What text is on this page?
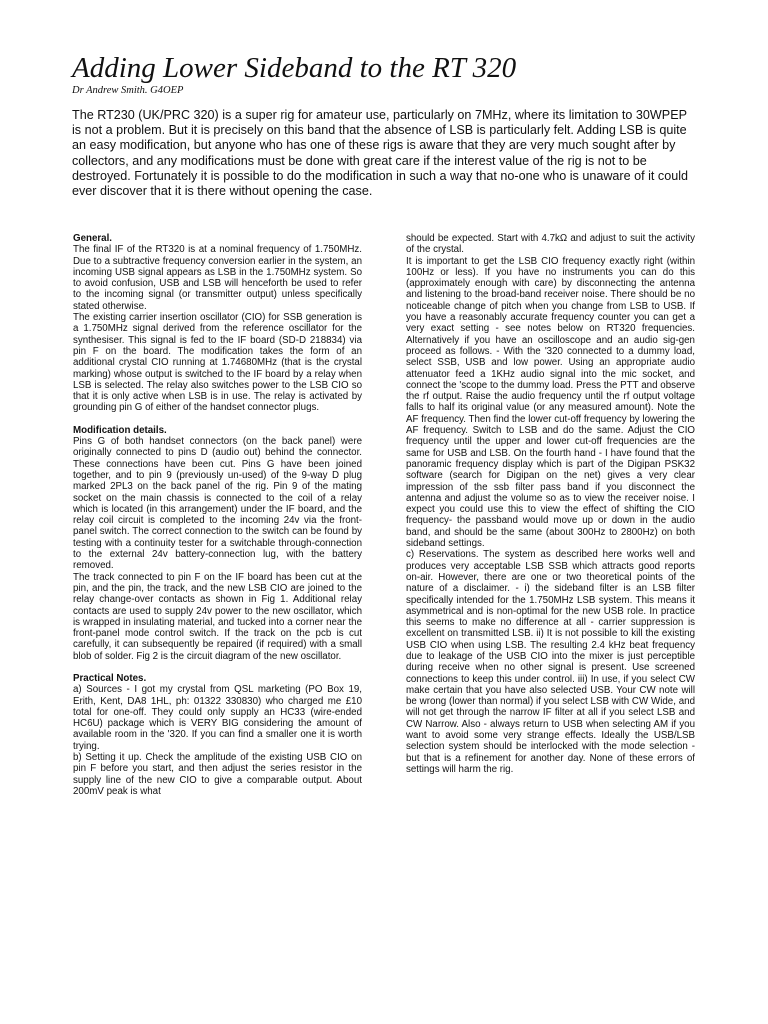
Adding Lower Sideband to the RT 320
Dr Andrew Smith. G4OEP

The RT230 (UK/PRC 320) is a super rig for amateur use, particularly on 7MHz, where its limitation to 30WPEP is not a problem. But it is precisely on this band that the absence of LSB is particularly felt. Adding LSB is quite an easy modification, but anyone who has one of these rigs is aware that they are very much sought after by collectors, and any modifications must be done with great care if the interest value of the rig is not to be destroyed. Fortunately it is possible to do the modification in such a way that no-one who is unaware of it could ever discover that it is there without opening the case.

General.

The final IF of the RT320 is at a nominal frequency of 1.750MHz. Due to a subtractive frequency conversion earlier in the system, an incoming USB signal appears as LSB in the 1.750MHz system. So to avoid confusion, USB and LSB will henceforth be used to refer to the incoming signal (or transmitter output) unless specifically stated otherwise.

The existing carrier insertion oscillator (CIO) for SSB generation is a 1.750MHz signal derived from the reference oscillator for the synthesiser. This signal is fed to the IF board (SD-D 218834) via pin F on the board. The modification takes the form of an additional crystal CIO running at 1.74680MHz (that is the crystal marking) whose output is switched to the IF board by a relay when LSB is selected. The relay also switches power to the LSB CIO so that it is only active when LSB is in use. The relay is activated by grounding pin G of either of the handset connector plugs.

Modification details.

Pins G of both handset connectors (on the back panel) were originally connected to pins D (audio out) behind the connector. These connections have been cut. Pins G have been joined together, and to pin 9 (previously un-used) of the 9-way D plug marked 2PL3 on the back panel of the rig. Pin 9 of the mating socket on the main chassis is connected to the coil of a relay which is located (in this arrangement) under the IF board, and the relay coil circuit is completed to the incoming 24v via the front-panel switch. The correct connection to the switch can be found by testing with a continuity tester for a switchable through-connection to the external 24v battery-connection lug, with the battery removed.

The track connected to pin F on the IF board has been cut at the pin, and the pin, the track, and the new LSB CIO are joined to the relay change-over contacts as shown in Fig 1. Additional relay contacts are used to supply 24v power to the new oscillator, which is wrapped in insulating material, and tucked into a corner near the front-panel mode control switch. If the track on the pcb is cut carefully, it can subsequently be repaired (if required) with a small blob of solder. Fig 2 is the circuit diagram of the new oscillator.

Practical Notes.

a) Sources - I got my crystal from QSL marketing (PO Box 19, Erith, Kent, DA8 1HL, ph: 01322 330830) who charged me £10 total for one-off. They could only supply an HC33 (wire-ended HC6U) package which is VERY BIG considering the amount of available room in the '320. If you can find a smaller one it is worth trying.

b) Setting it up. Check the amplitude of the existing USB CIO on pin F before you start, and then adjust the series resistor in the supply line of the new CIO to give a comparable output. About 200mV peak is what

should be expected. Start with 4.7kΩ and adjust to suit the activity of the crystal.

It is important to get the LSB CIO frequency exactly right (within 100Hz or less). If you have no instruments you can do this (approximately enough with care) by disconnecting the antenna and listening to the broad-band receiver noise. There should be no noticeable change of pitch when you change from LSB to USB. If you have a reasonably accurate frequency counter you can get a very exact setting - see notes below on RT320 frequencies. Alternatively if you have an oscilloscope and an audio sig-gen proceed as follows. - With the '320 connected to a dummy load, select SSB, USB and low power. Using an appropriate audio attenuator feed a 1KHz audio signal into the mic socket, and connect the 'scope to the dummy load. Press the PTT and observe the rf output. Raise the audio frequency until the rf output voltage falls to half its original value (or any measured amount). Note the AF frequency. Then find the lower cut-off frequency by lowering the AF frequency. Switch to LSB and do the same. Adjust the CIO frequency until the upper and lower cut-off frequencies are the same for USB and LSB. On the fourth hand - I have found that the panoramic frequency display which is part of the Digipan PSK32 software (search for Digipan on the net) gives a very clear impression of the ssb filter pass band if you disconnect the antenna and adjust the volume so as to view the receiver noise. I expect you could use this to view the effect of shifting the CIO frequency- the passband would move up or down in the audio band, and should be the same (about 300Hz to 2800Hz) on both sideband settings.

c) Reservations. The system as described here works well and produces very acceptable LSB SSB which attracts good reports on-air. However, there are one or two theoretical points of the nature of a disclaimer. - i) the sideband filter is an LSB filter specifically intended for the 1.750MHz LSB system. This means it asymmetrical and is non-optimal for the new USB role. In practice this seems to make no difference at all - carrier suppression is excellent on transmitted LSB. ii) It is not possible to kill the existing USB CIO when using LSB. The resulting 2.4 kHz beat frequency due to leakage of the USB CIO into the mixer is just perceptible during receive when no other signal is present. Use screened connections to keep this under control. iii) In use, if you select CW make certain that you have also selected USB. Your CW note will be wrong (lower than normal) if you select LSB with CW Wide, and will not get through the narrow IF filter at all if you select LSB and CW Narrow. Also - always return to USB when selecting AM if you want to avoid some very strange effects. Ideally the USB/LSB selection system should be interlocked with the mode selection - but that is a refinement for another day. None of these errors of settings will harm the rig.
